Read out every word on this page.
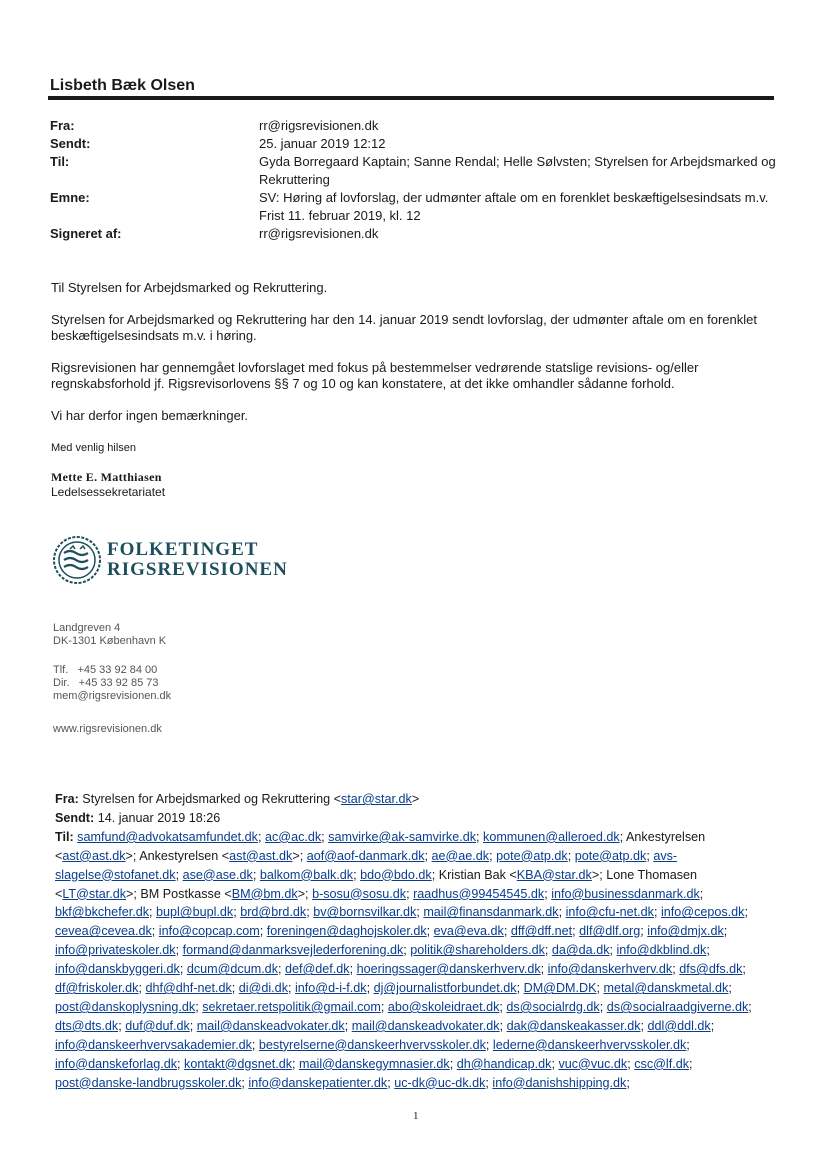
Lisbeth Bæk Olsen
Fra:	rr@rigsrevisionen.dk
Sendt:	25. januar 2019 12:12
Til:	Gyda Borregaard Kaptain; Sanne Rendal; Helle Sølvsten; Styrelsen for Arbejdsmarked og Rekruttering
Emne:	SV: Høring af lovforslag, der udmønter aftale om en forenklet beskæftigelsesindsats m.v. Frist 11. februar 2019, kl. 12
Signeret af:	rr@rigsrevisionen.dk

Til Styrelsen for Arbejdsmarked og Rekruttering.

Styrelsen for Arbejdsmarked og Rekruttering har den 14. januar 2019 sendt lovforslag, der udmønter aftale om en forenklet beskæftigelsesindsats m.v. i høring.

Rigsrevisionen har gennemgået lovforslaget med fokus på bestemmelser vedrørende statslige revisions- og/eller regnskabsforhold jf. Rigsrevisorlovens §§ 7 og 10 og kan konstatere, at det ikke omhandler sådanne forhold.

Vi har derfor ingen bemærkninger.

Med venlig hilsen

Mette E. Matthiasen
Ledelsessekretariatet
FOLKETINGET
RIGSREVISIONEN
Landgreven 4
DK-1301 København K
Tlf.   +45 33 92 84 00
Dir.   +45 33 92 85 73
mem@rigsrevisionen.dk
www.rigsrevisionen.dk
Fra: Styrelsen for Arbejdsmarked og Rekruttering <star@star.dk>
Sendt: 14. januar 2019 18:26
Til: samfund@advokatsamfundet.dk; ac@ac.dk; samvirke@ak-samvirke.dk; kommunen@alleroed.dk; Ankestyrelsen <ast@ast.dk>; Ankestyrelsen <ast@ast.dk>; aof@aof-danmark.dk; ae@ae.dk; pote@atp.dk; pote@atp.dk; avs-slagelse@stofanet.dk; ase@ase.dk; balkom@balk.dk; bdo@bdo.dk; Kristian Bak <KBA@star.dk>; Lone Thomasen <LT@star.dk>; BM Postkasse <BM@bm.dk>; b-sosu@sosu.dk; raadhus@99454545.dk; info@businessdanmark.dk; bkf@bkchefer.dk; bupl@bupl.dk; brd@brd.dk; bv@bornsvilkar.dk; mail@finansdanmark.dk; info@cfu-net.dk; info@cepos.dk; cevea@cevea.dk; info@copcap.com; foreningen@daghojskoler.dk; eva@eva.dk; dff@dff.net; dlf@dlf.org; info@dmjx.dk; info@privateskoler.dk; formand@danmarksvejlederforening.dk; politik@shareholders.dk; da@da.dk; info@dkblind.dk; info@danskbyggeri.dk; dcum@dcum.dk; def@def.dk; hoeringssager@danskerhverv.dk; info@danskerhverv.dk; dfs@dfs.dk; df@friskoler.dk; dhf@dhf-net.dk; di@di.dk; info@d-i-f.dk; dj@journalistforbundet.dk; DM@DM.DK; metal@danskmetal.dk; post@danskoplysning.dk; sekretaer.retspolitik@gmail.com; abo@skoleidraet.dk; ds@socialrdg.dk; ds@socialraadgiverne.dk; dts@dts.dk; duf@duf.dk; mail@danskeadvokater.dk; mail@danskeadvokater.dk; dak@danskeakasser.dk; ddl@ddl.dk; info@danskeerhvervsakademier.dk; bestyrelserne@danskeerhvervsskoler.dk; lederne@danskeerhvervsskoler.dk; info@danskeforlag.dk; kontakt@dgsnet.dk; mail@danskegymnasier.dk; dh@handicap.dk; vuc@vuc.dk; csc@lf.dk; post@danske-landbrugsskoler.dk; info@danskepatienter.dk; uc-dk@uc-dk.dk; info@danishshipping.dk;
1
